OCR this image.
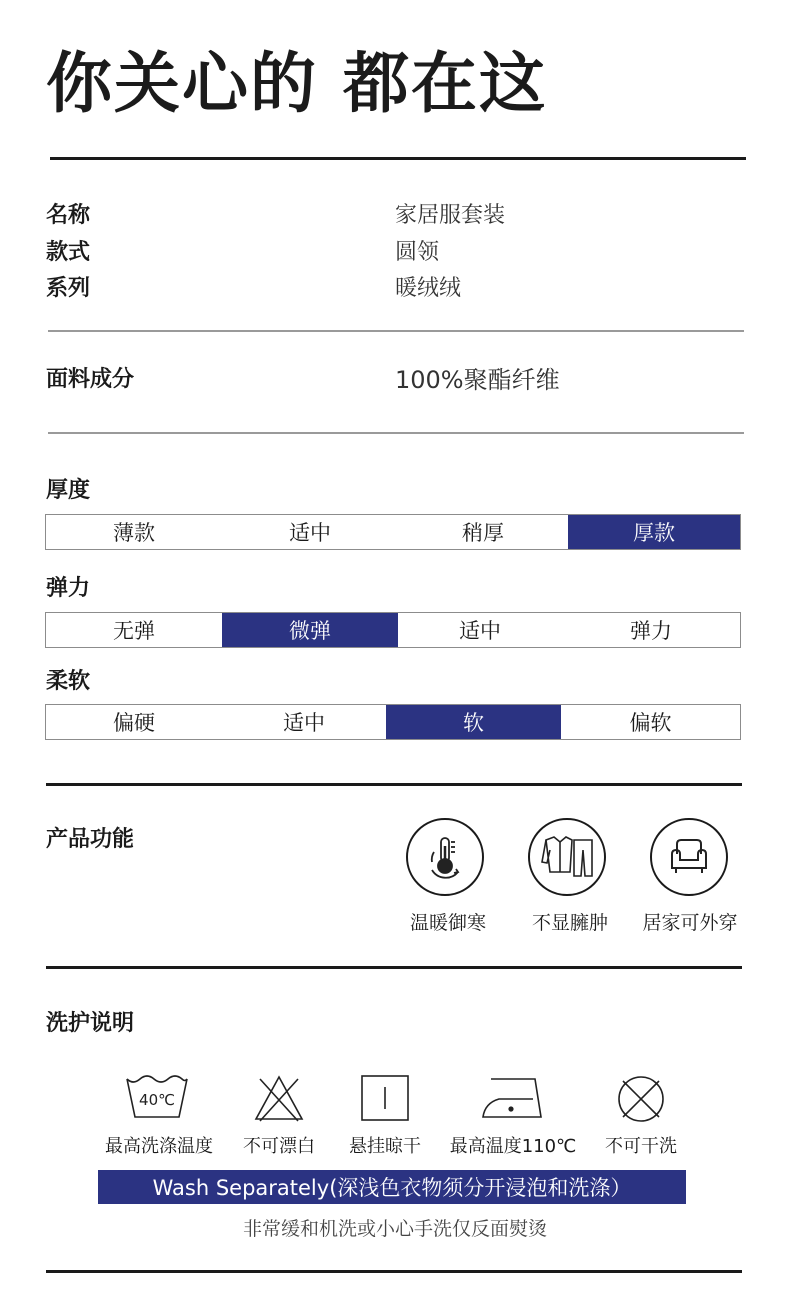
你关心的 都在这
名称	家居服套装
款式	圆领
系列	暖绒绒
面料成分	100%聚酯纤维
厚度
薄款	适中	稍厚	厚款
弹力
无弹	微弹	适中	弹力
柔软
偏硬	适中	软	偏软
产品功能
温暖御寒	不显臃肿	居家可外穿
洗护说明
40℃
最高洗涤温度	不可漂白	悬挂晾干	最高温度110℃	不可干洗
Wash Separately(深浅色衣物须分开浸泡和洗涤）
非常缓和机洗或小心手洗仅反面熨烫
